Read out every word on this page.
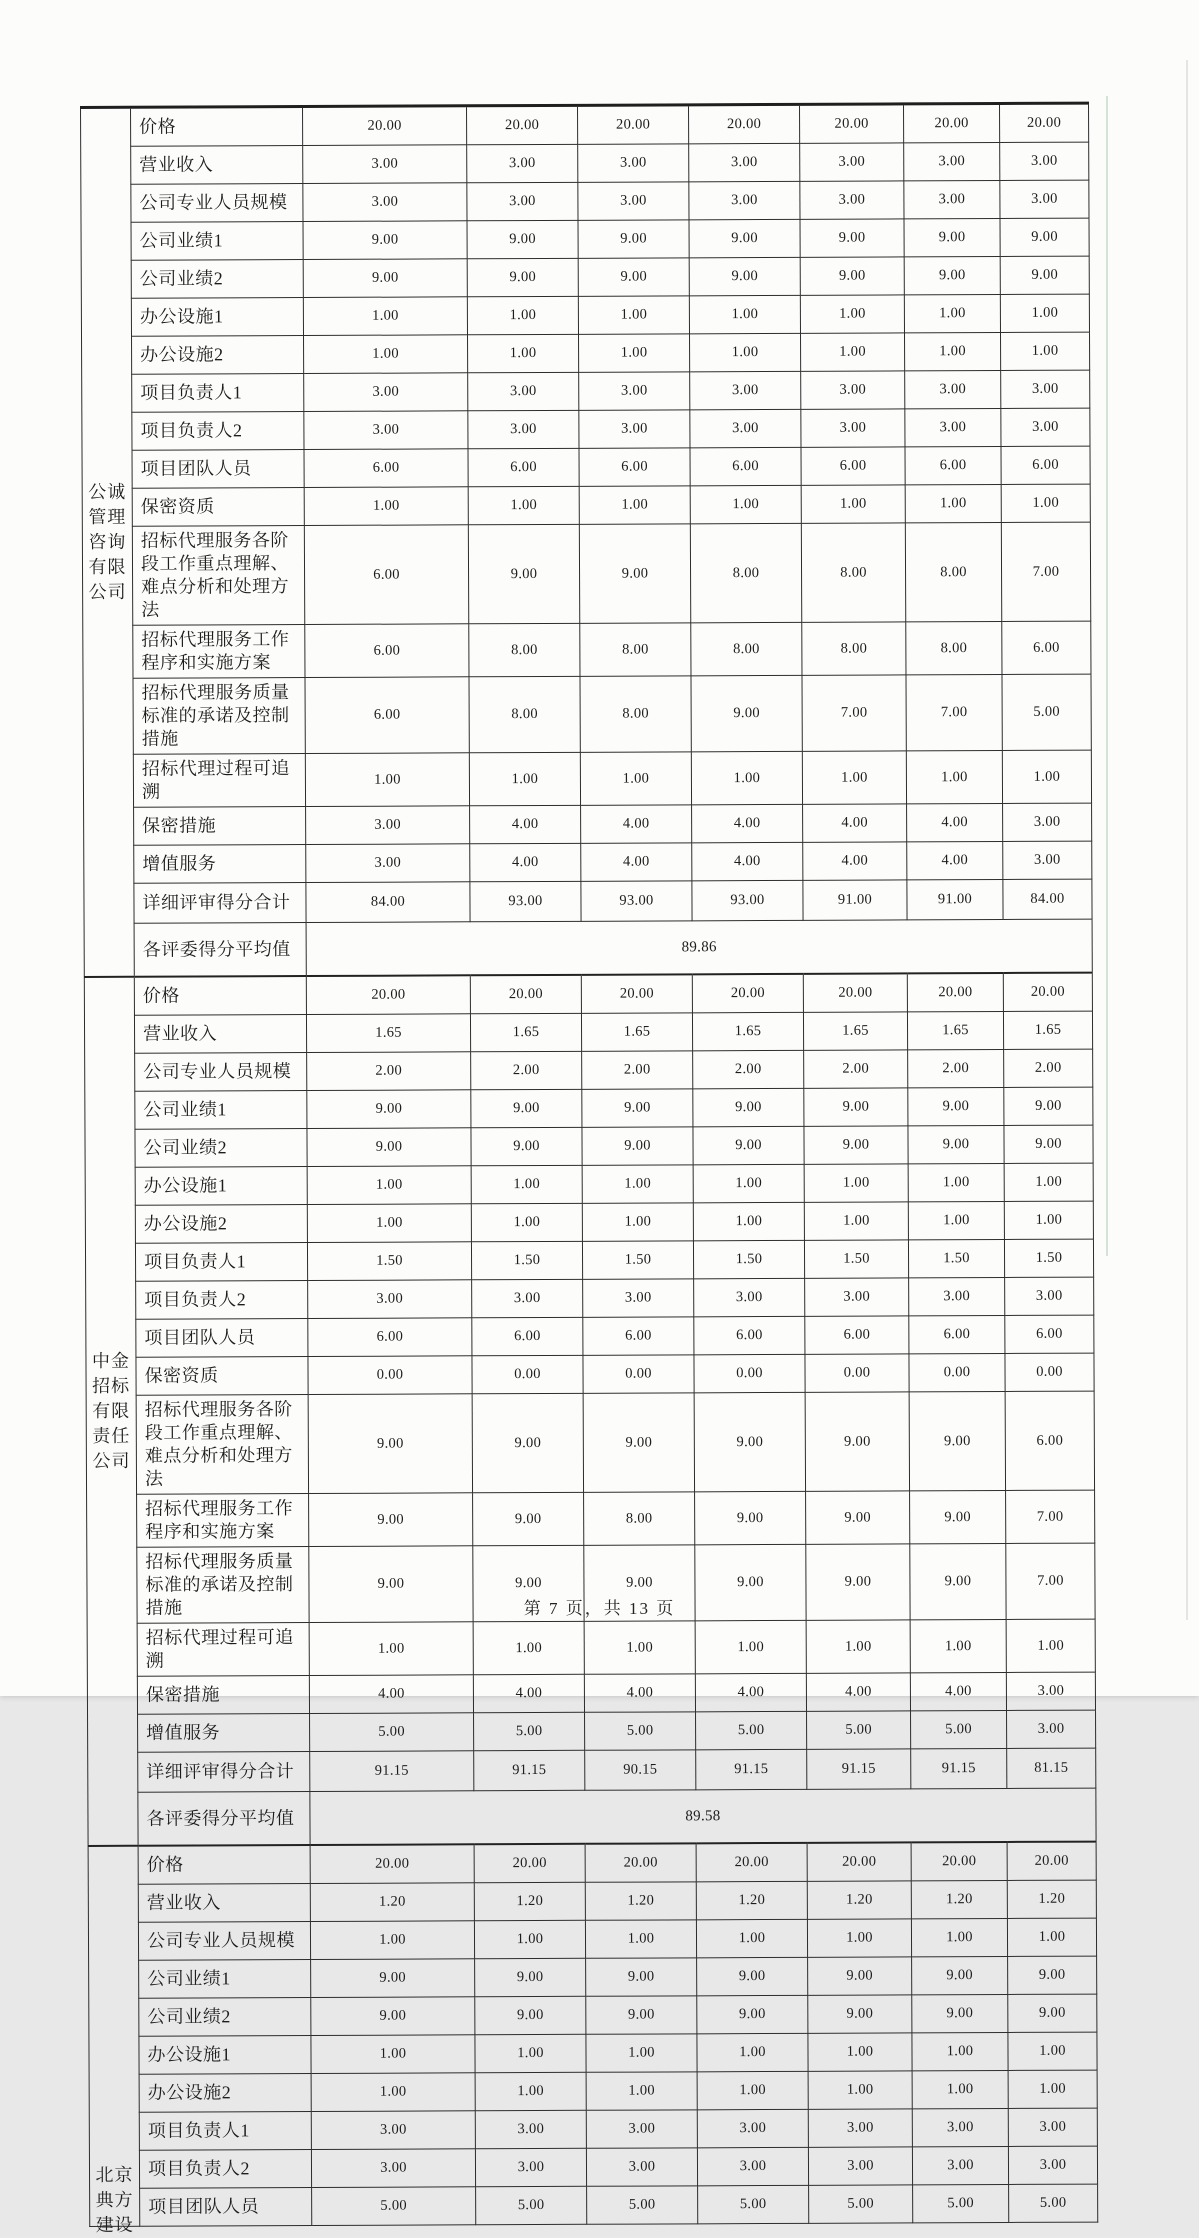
公诚
管理
咨询
有限
公司	价格	20.00	20.00	20.00	20.00	20.00	20.00	20.00
	营业收入	3.00	3.00	3.00	3.00	3.00	3.00	3.00
	公司专业人员规模	3.00	3.00	3.00	3.00	3.00	3.00	3.00
	公司业绩1	9.00	9.00	9.00	9.00	9.00	9.00	9.00
	公司业绩2	9.00	9.00	9.00	9.00	9.00	9.00	9.00
	办公设施1	1.00	1.00	1.00	1.00	1.00	1.00	1.00
	办公设施2	1.00	1.00	1.00	1.00	1.00	1.00	1.00
	项目负责人1	3.00	3.00	3.00	3.00	3.00	3.00	3.00
	项目负责人2	3.00	3.00	3.00	3.00	3.00	3.00	3.00
	项目团队人员	6.00	6.00	6.00	6.00	6.00	6.00	6.00
	保密资质	1.00	1.00	1.00	1.00	1.00	1.00	1.00
	招标代理服务各阶段工作重点理解、难点分析和处理方法	6.00	9.00	9.00	8.00	8.00	8.00	7.00
	招标代理服务工作程序和实施方案	6.00	8.00	8.00	8.00	8.00	8.00	6.00
	招标代理服务质量标准的承诺及控制措施	6.00	8.00	8.00	9.00	7.00	7.00	5.00
	招标代理过程可追溯	1.00	1.00	1.00	1.00	1.00	1.00	1.00
	保密措施	3.00	4.00	4.00	4.00	4.00	4.00	3.00
	增值服务	3.00	4.00	4.00	4.00	4.00	4.00	3.00
	详细评审得分合计	84.00	93.00	93.00	93.00	91.00	91.00	84.00
	各评委得分平均值	89.86						

中金
招标
有限
责任
公司	价格	20.00	20.00	20.00	20.00	20.00	20.00	20.00
	营业收入	1.65	1.65	1.65	1.65	1.65	1.65	1.65
	公司专业人员规模	2.00	2.00	2.00	2.00	2.00	2.00	2.00
	公司业绩1	9.00	9.00	9.00	9.00	9.00	9.00	9.00
	公司业绩2	9.00	9.00	9.00	9.00	9.00	9.00	9.00
	办公设施1	1.00	1.00	1.00	1.00	1.00	1.00	1.00
	办公设施2	1.00	1.00	1.00	1.00	1.00	1.00	1.00
	项目负责人1	1.50	1.50	1.50	1.50	1.50	1.50	1.50
	项目负责人2	3.00	3.00	3.00	3.00	3.00	3.00	3.00
	项目团队人员	6.00	6.00	6.00	6.00	6.00	6.00	6.00
	保密资质	0.00	0.00	0.00	0.00	0.00	0.00	0.00
	招标代理服务各阶段工作重点理解、难点分析和处理方法	9.00	9.00	9.00	9.00	9.00	9.00	6.00
	招标代理服务工作程序和实施方案	9.00	9.00	8.00	9.00	9.00	9.00	7.00
	招标代理服务质量标准的承诺及控制措施	9.00	9.00	9.00	9.00	9.00	9.00	7.00
	招标代理过程可追溯	1.00	1.00	1.00	1.00	1.00	1.00	1.00
	保密措施	4.00	4.00	4.00	4.00	4.00	4.00	3.00
	增值服务	5.00	5.00	5.00	5.00	5.00	5.00	3.00
	详细评审得分合计	91.15	91.15	90.15	91.15	91.15	91.15	81.15
	各评委得分平均值	89.58						

北京
典方
建设	价格	20.00	20.00	20.00	20.00	20.00	20.00	20.00
	营业收入	1.20	1.20	1.20	1.20	1.20	1.20	1.20
	公司专业人员规模	1.00	1.00	1.00	1.00	1.00	1.00	1.00
	公司业绩1	9.00	9.00	9.00	9.00	9.00	9.00	9.00
	公司业绩2	9.00	9.00	9.00	9.00	9.00	9.00	9.00
	办公设施1	1.00	1.00	1.00	1.00	1.00	1.00	1.00
	办公设施2	1.00	1.00	1.00	1.00	1.00	1.00	1.00
	项目负责人1	3.00	3.00	3.00	3.00	3.00	3.00	3.00
	项目负责人2	3.00	3.00	3.00	3.00	3.00	3.00	3.00
	项目团队人员	5.00	5.00	5.00	5.00	5.00	5.00	5.00
第 7 页，共 13 页
